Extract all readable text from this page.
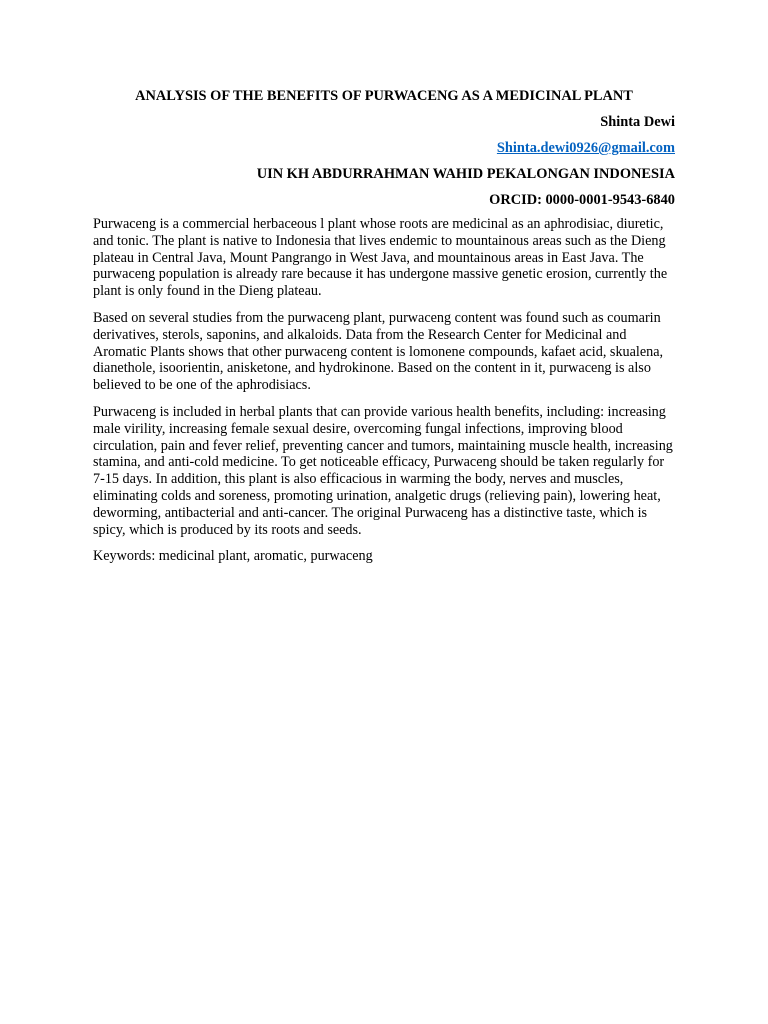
ANALYSIS OF THE BENEFITS OF PURWACENG AS A MEDICINAL PLANT
Shinta Dewi
Shinta.dewi0926@gmail.com
UIN KH ABDURRAHMAN WAHID PEKALONGAN INDONESIA
ORCID: 0000-0001-9543-6840

Purwaceng is a commercial herbaceous l plant whose roots are medicinal as an aphrodisiac, diuretic, and tonic. The plant is native to Indonesia that lives endemic to mountainous areas such as the Dieng plateau in Central Java, Mount Pangrango in West Java, and mountainous areas in East Java. The purwaceng population is already rare because it has undergone massive genetic erosion, currently the plant is only found in the Dieng plateau.

Based on several studies from the purwaceng plant, purwaceng content was found such as coumarin derivatives, sterols, saponins, and alkaloids. Data from the Research Center for Medicinal and Aromatic Plants shows that other purwaceng content is lomonene compounds, kafaet acid, skualena, dianethole, isoorientin, anisketone, and hydrokinone. Based on the content in it, purwaceng is also believed to be one of the aphrodisiacs.

Purwaceng is included in herbal plants that can provide various health benefits, including: increasing male virility, increasing female sexual desire, overcoming fungal infections, improving blood circulation, pain and fever relief, preventing cancer and tumors, maintaining muscle health, increasing stamina, and anti-cold medicine. To get noticeable efficacy, Purwaceng should be taken regularly for 7-15 days. In addition, this plant is also efficacious in warming the body, nerves and muscles, eliminating colds and soreness, promoting urination, analgetic drugs (relieving pain), lowering heat, deworming, antibacterial and anti-cancer. The original Purwaceng has a distinctive taste, which is spicy, which is produced by its roots and seeds.

Keywords: medicinal plant, aromatic, purwaceng
